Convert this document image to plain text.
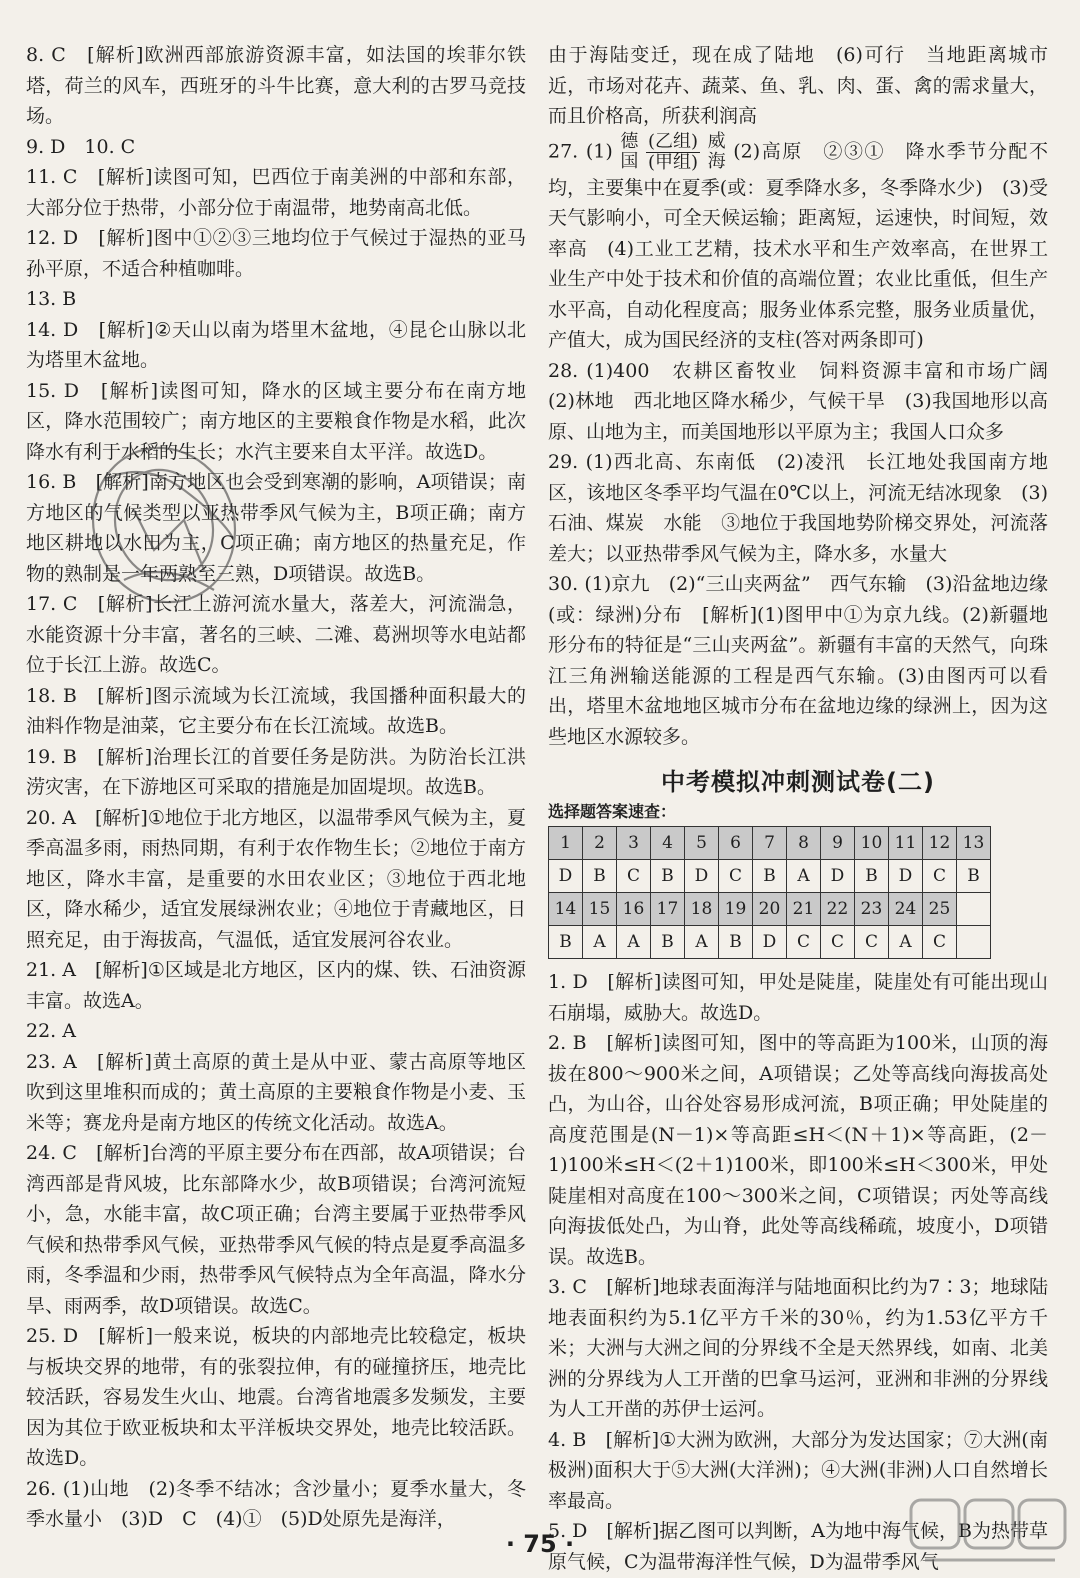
8. C　[解析]欧洲西部旅游资源丰富，如法国的埃菲尔铁塔，荷兰的风车，西班牙的斗牛比赛，意大利的古罗马竞技场。

9. D　10. C

11. C　[解析]读图可知，巴西位于南美洲的中部和东部，大部分位于热带，小部分位于南温带，地势南高北低。

12. D　[解析]图中①②③三地均位于气候过于湿热的亚马孙平原，不适合种植咖啡。

13. B

14. D　[解析]②天山以南为塔里木盆地，④昆仑山脉以北为塔里木盆地。

15. D　[解析]读图可知，降水的区域主要分布在南方地区，降水范围较广；南方地区的主要粮食作物是水稻，此次降水有利于水稻的生长；水汽主要来自太平洋。故选D。

16. B　[解析]南方地区也会受到寒潮的影响，A项错误；南方地区的气候类型以亚热带季风气候为主，B项正确；南方地区耕地以水田为主，C项正确；南方地区的热量充足，作物的熟制是一年两熟至三熟，D项错误。故选B。

17. C　[解析]长江上游河流水量大，落差大，河流湍急，水能资源十分丰富，著名的三峡、二滩、葛洲坝等水电站都位于长江上游。故选C。

18. B　[解析]图示流域为长江流域，我国播种面积最大的油料作物是油菜，它主要分布在长江流域。故选B。

19. B　[解析]治理长江的首要任务是防洪。为防治长江洪涝灾害，在下游地区可采取的措施是加固堤坝。故选B。

20. A　[解析]①地位于北方地区，以温带季风气候为主，夏季高温多雨，雨热同期，有利于农作物生长；②地位于南方地区，降水丰富，是重要的水田农业区；③地位于西北地区，降水稀少，适宜发展绿洲农业；④地位于青藏地区，日照充足，由于海拔高，气温低，适宜发展河谷农业。

21. A　[解析]①区域是北方地区，区内的煤、铁、石油资源丰富。故选A。

22. A

23. A　[解析]黄土高原的黄土是从中亚、蒙古高原等地区吹到这里堆积而成的；黄土高原的主要粮食作物是小麦、玉米等；赛龙舟是南方地区的传统文化活动。故选A。

24. C　[解析]台湾的平原主要分布在西部，故A项错误；台湾西部是背风坡，比东部降水少，故B项错误；台湾河流短小，急，水能丰富，故C项正确；台湾主要属于亚热带季风气候和热带季风气候，亚热带季风气候的特点是夏季高温多雨，冬季温和少雨，热带季风气候特点为全年高温，降水分旱、雨两季，故D项错误。故选C。

25. D　[解析]一般来说，板块的内部地壳比较稳定，板块与板块交界的地带，有的张裂拉伸，有的碰撞挤压，地壳比较活跃，容易发生火山、地震。台湾省地震多发频发，主要因为其位于欧亚板块和太平洋板块交界处，地壳比较活跃。故选D。

26. (1)山地　(2)冬季不结冰；含沙量小；夏季水量大，冬季水量小　(3)D　C　(4)①　(5)D处原先是海洋，

由于海陆变迁，现在成了陆地　(6)可行　当地距离城市近，市场对花卉、蔬菜、鱼、乳、肉、蛋、禽的需求量大，而且价格高，所获利润高

27. (1) 德
国
$\frac{\text{(乙组)}}{\text{(甲组)}}$
威
海 (2)高原　②③①　降水季节分配不均，主要集中在夏季(或：夏季降水多，冬季降水少)　(3)受天气影响小，可全天候运输；距离短，运速快，时间短，效率高　(4)工业工艺精，技术水平和生产效率高，在世界工业生产中处于技术和价值的高端位置；农业比重低，但生产水平高，自动化程度高；服务业体系完整，服务业质量优，产值大，成为国民经济的支柱(答对两条即可)

28. (1)400　农耕区畜牧业　饲料资源丰富和市场广阔　(2)林地　西北地区降水稀少，气候干旱　(3)我国地形以高原、山地为主，而美国地形以平原为主；我国人口众多

29. (1)西北高、东南低　(2)凌汛　长江地处我国南方地区，该地区冬季平均气温在0℃以上，河流无结冰现象　(3)石油、煤炭　水能　③地位于我国地势阶梯交界处，河流落差大；以亚热带季风气候为主，降水多，水量大

30. (1)京九　(2)“三山夹两盆”　西气东输　(3)沿盆地边缘(或：绿洲)分布　[解析](1)图甲中①为京九线。(2)新疆地形分布的特征是“三山夹两盆”。新疆有丰富的天然气，向珠江三角洲输送能源的工程是西气东输。(3)由图丙可以看出，塔里木盆地地区城市分布在盆地边缘的绿洲上，因为这些地区水源较多。

中考模拟冲刺测试卷(二)
选择题答案速查：
1	2	3	4	5	6	7	8	9	10	11	12	13
D	B	C	B	D	C	B	A	D	B	D	C	B
14	15	16	17	18	19	20	21	22	23	24	25	
B	A	A	B	A	B	D	C	C	C	A	C	

1. D　[解析]读图可知，甲处是陡崖，陡崖处有可能出现山石崩塌，威胁大。故选D。

2. B　[解析]读图可知，图中的等高距为100米，山顶的海拔在800～900米之间，A项错误；乙处等高线向海拔高处凸，为山谷，山谷处容易形成河流，B项正确；甲处陡崖的高度范围是(N－1)×等高距≤H＜(N＋1)×等高距，(2－1)100米≤H＜(2＋1)100米，即100米≤H＜300米，甲处陡崖相对高度在100～300米之间，C项错误；丙处等高线向海拔低处凸，为山脊，此处等高线稀疏，坡度小，D项错误。故选B。

3. C　[解析]地球表面海洋与陆地面积比约为7∶3；地球陆地表面积约为5.1亿平方千米的30％，约为1.53亿平方千米；大洲与大洲之间的分界线不全是天然界线，如南、北美洲的分界线为人工开凿的巴拿马运河，亚洲和非洲的分界线为人工开凿的苏伊士运河。

4. B　[解析]①大洲为欧洲，大部分为发达国家；⑦大洲(南极洲)面积大于⑤大洲(大洋洲)；④大洲(非洲)人口自然增长率最高。

5. D　[解析]据乙图可以判断，A为地中海气候，B为热带草原气候，C为温带海洋性气候，D为温带季风气

· 75 ·
